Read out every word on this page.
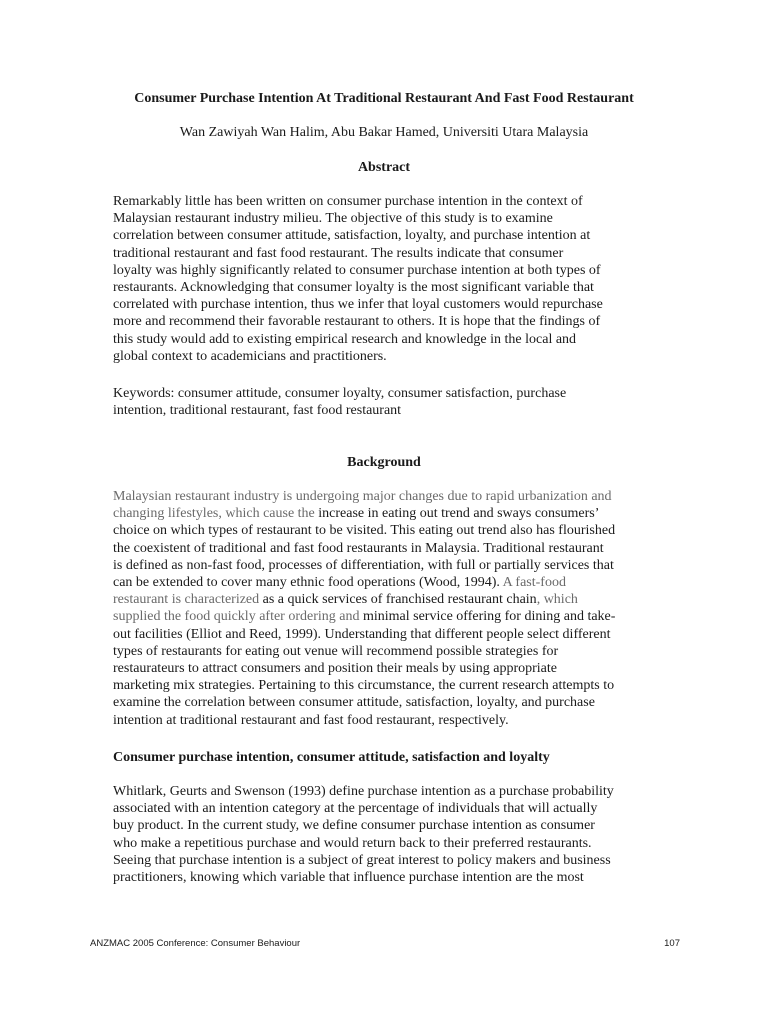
Consumer Purchase Intention At Traditional Restaurant And Fast Food Restaurant
Wan Zawiyah Wan Halim, Abu Bakar Hamed, Universiti Utara Malaysia
Abstract
Remarkably little has been written on consumer purchase intention in the context of
Malaysian restaurant industry milieu. The objective of this study is to examine
correlation between consumer attitude, satisfaction, loyalty, and purchase intention at
traditional restaurant and fast food restaurant. The results indicate that consumer
loyalty was highly significantly related to consumer purchase intention at both types of
restaurants. Acknowledging that consumer loyalty is the most significant variable that
correlated with purchase intention, thus we infer that loyal customers would repurchase
more and recommend their favorable restaurant to others. It is hope that the findings of
this study would add to existing empirical research and knowledge in the local and
global context to academicians and practitioners.
Keywords: consumer attitude, consumer loyalty, consumer satisfaction, purchase
intention, traditional restaurant, fast food restaurant
Background
Malaysian restaurant industry is undergoing major changes due to rapid urbanization and
changing lifestyles, which cause the increase in eating out trend and sways consumers’
choice on which types of restaurant to be visited. This eating out trend also has flourished
the coexistent of traditional and fast food restaurants in Malaysia. Traditional restaurant
is defined as non-fast food, processes of differentiation, with full or partially services that
can be extended to cover many ethnic food operations (Wood, 1994). A fast-food
restaurant is characterized as a quick services of franchised restaurant chain, which
supplied the food quickly after ordering and minimal service offering for dining and take-
out facilities (Elliot and Reed, 1999). Understanding that different people select different
types of restaurants for eating out venue will recommend possible strategies for
restaurateurs to attract consumers and position their meals by using appropriate
marketing mix strategies. Pertaining to this circumstance, the current research attempts to
examine the correlation between consumer attitude, satisfaction, loyalty, and purchase
intention at traditional restaurant and fast food restaurant, respectively.
Consumer purchase intention, consumer attitude, satisfaction and loyalty
Whitlark, Geurts and Swenson (1993) define purchase intention as a purchase probability
associated with an intention category at the percentage of individuals that will actually
buy product. In the current study, we define consumer purchase intention as consumer
who make a repetitious purchase and would return back to their preferred restaurants.
Seeing that purchase intention is a subject of great interest to policy makers and business
practitioners, knowing which variable that influence purchase intention are the most
ANZMAC 2005 Conference: Consumer Behaviour	107
